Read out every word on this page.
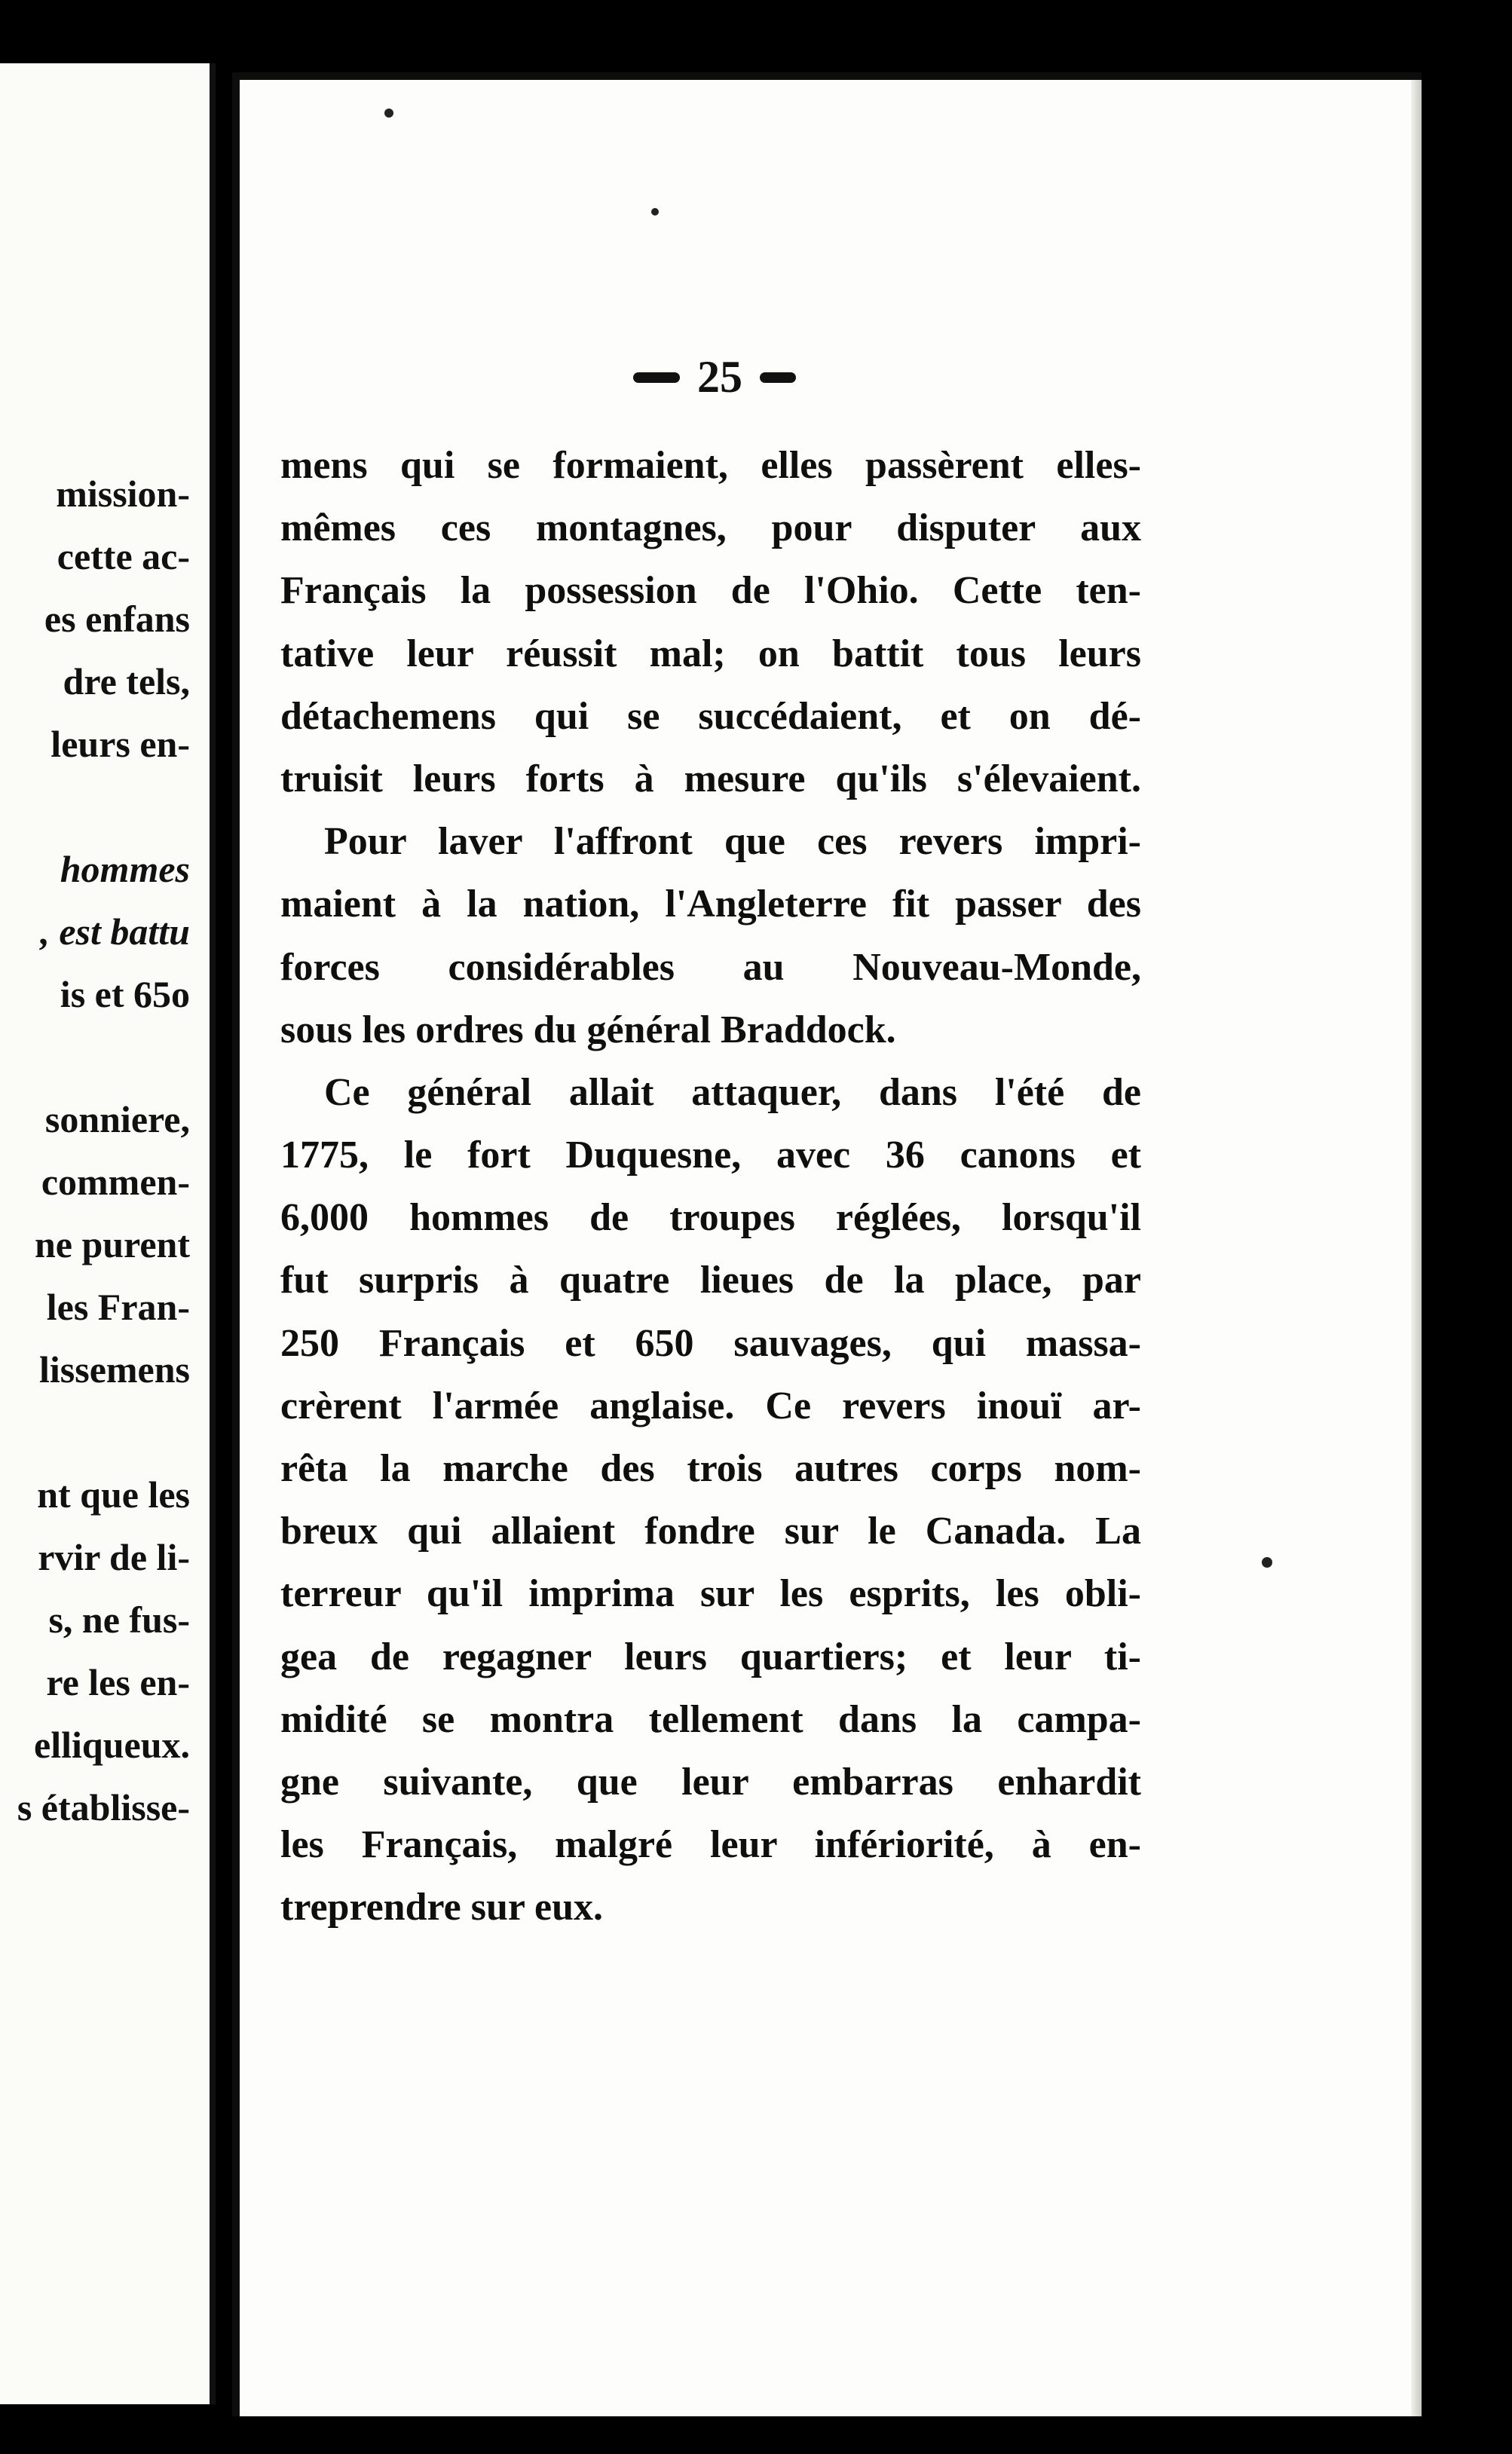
mission-
cette ac-
es enfans
dre tels,
leurs en-
hommes
, est battu
is et 65o
sonniere,
commen-
ne purent
les Fran-
lissemens
nt que les
rvir de li-
s, ne fus-
re les en-
elliqueux.
s établisse-
25
mens qui se formaient, elles passèrent elles-
mêmes ces montagnes, pour disputer aux
Français la possession de l'Ohio. Cette ten-
tative leur réussit mal; on battit tous leurs
détachemens qui se succédaient, et on dé-
truisit leurs forts à mesure qu'ils s'élevaient.
Pour laver l'affront que ces revers impri-
maient à la nation, l'Angleterre fit passer des
forces considérables au Nouveau-Monde,
sous les ordres du général Braddock.
Ce général allait attaquer, dans l'été de
1775, le fort Duquesne, avec 36 canons et
6,000 hommes de troupes réglées, lorsqu'il
fut surpris à quatre lieues de la place, par
250 Français et 650 sauvages, qui massa-
crèrent l'armée anglaise. Ce revers inouï ar-
rêta la marche des trois autres corps nom-
breux qui allaient fondre sur le Canada. La
terreur qu'il imprima sur les esprits, les obli-
gea de regagner leurs quartiers; et leur ti-
midité se montra tellement dans la campa-
gne suivante, que leur embarras enhardit
les Français, malgré leur infériorité, à en-
treprendre sur eux.
